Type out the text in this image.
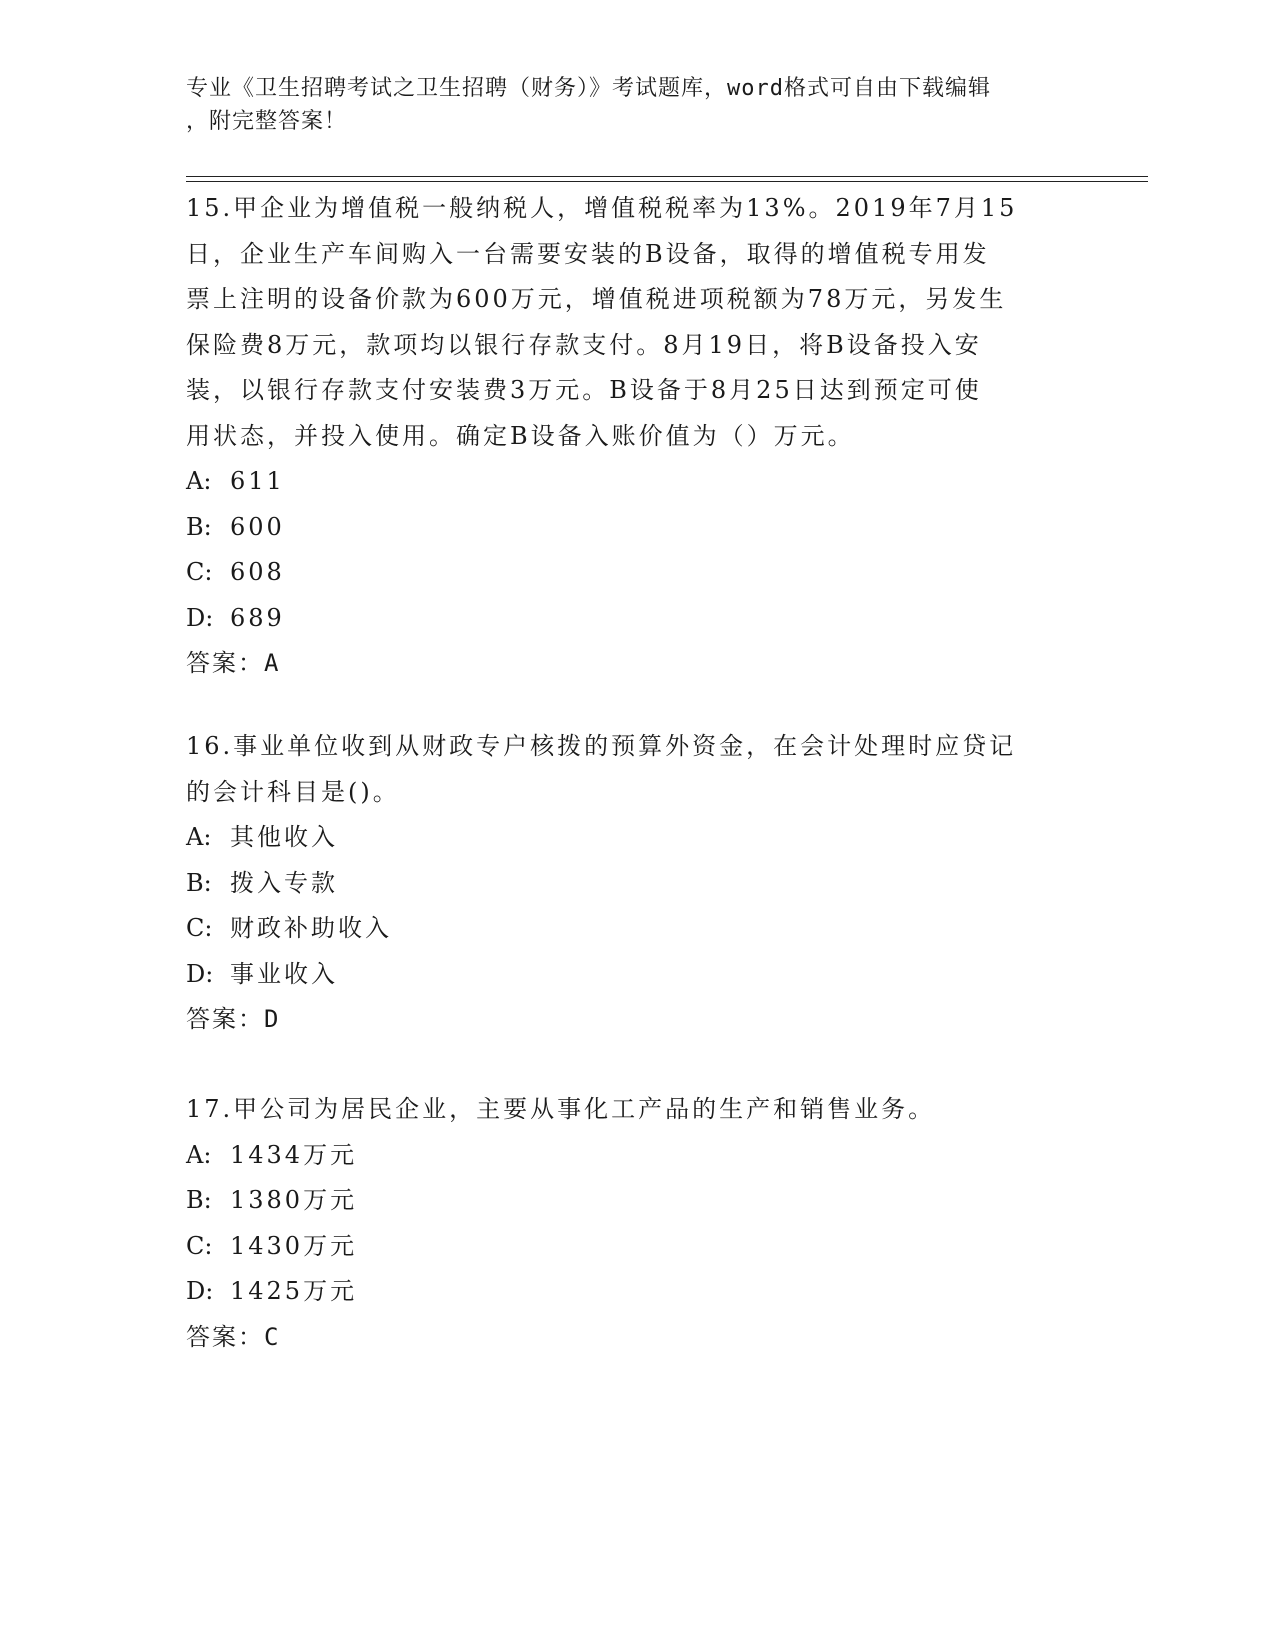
专业《卫生招聘考试之卫生招聘（财务）》考试题库，word格式可自由下载编辑

，附完整答案！

15.甲企业为增值税一般纳税人，增值税税率为13%。2019年7月15
日，企业生产车间购入一台需要安装的B设备，取得的增值税专用发
票上注明的设备价款为600万元，增值税进项税额为78万元，另发生
保险费8万元，款项均以银行存款支付。8月19日，将B设备投入安
装，以银行存款支付安装费3万元。B设备于8月25日达到预定可使
用状态，并投入使用。确定B设备入账价值为（）万元。

A: 611

B: 600

C: 608

D: 689

答案：A

16.事业单位收到从财政专户核拨的预算外资金，在会计处理时应贷记
的会计科目是()。

A: 其他收入

B: 拨入专款

C: 财政补助收入

D: 事业收入

答案：D

17.甲公司为居民企业，主要从事化工产品的生产和销售业务。

A: 1434万元

B: 1380万元

C: 1430万元

D: 1425万元

答案：C
